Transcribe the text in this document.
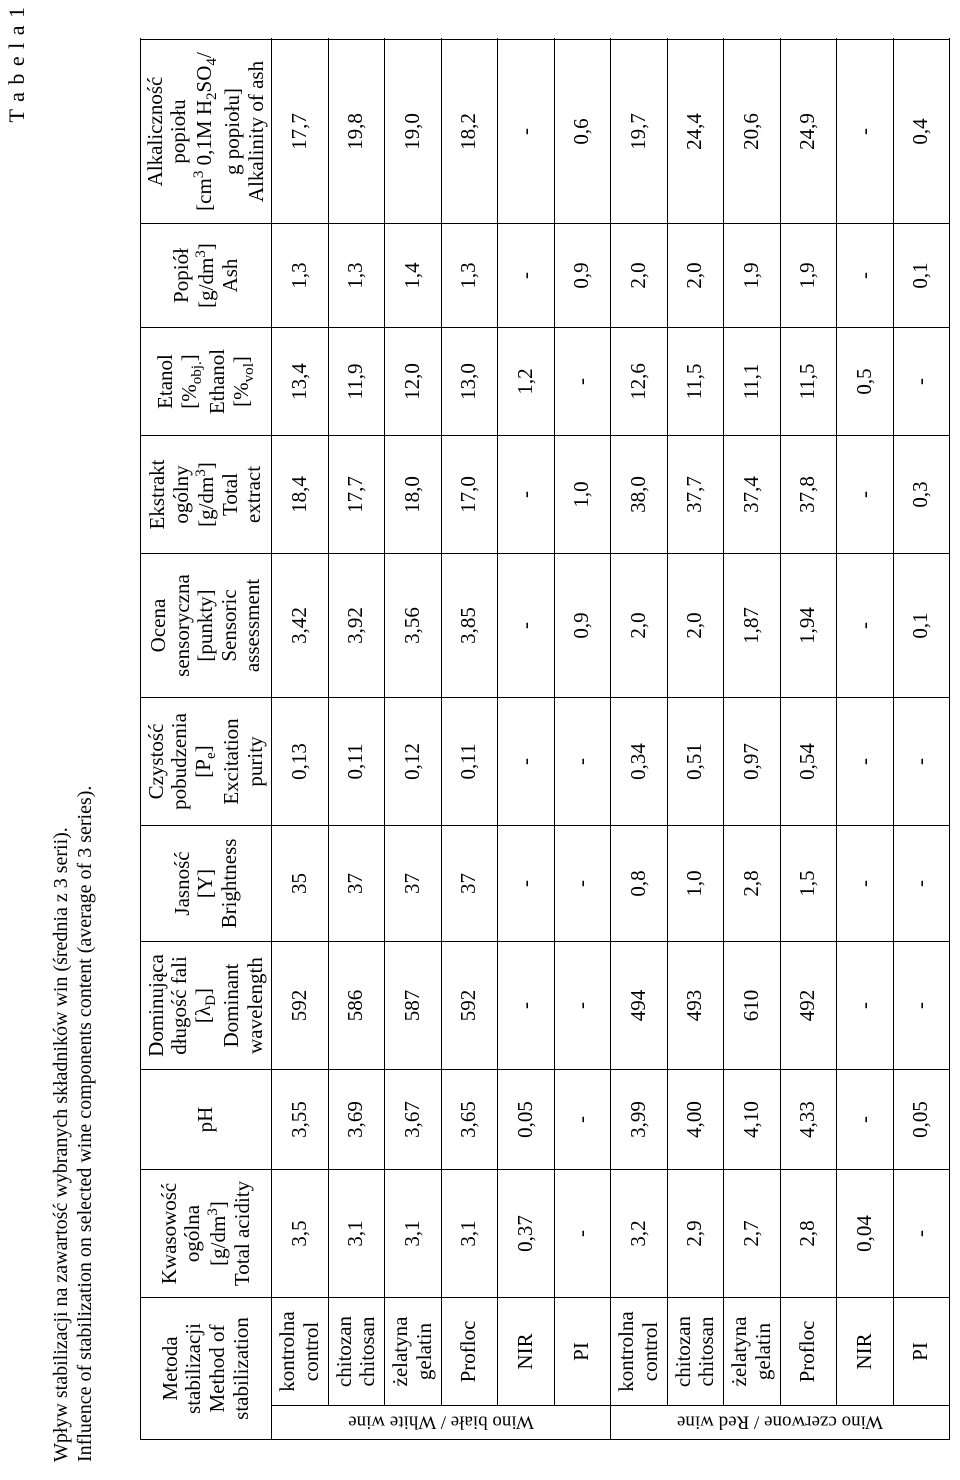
T a b e l a 1
Wpływ stabilizacji na zawartość wybranych składników win (średnia z 3 serii). Influence of stabilization on selected wine components content (average of 3 series).	Metoda
stabilizacji
Method of
stabilization		Kwasowość
ogólna
$[g/dm^3]$
Total acidity	pH	Dominująca
długość fali
$[\lambda_D]$ Dominant
wavelength	Jasność
[Y]
Brightness	Czystość
pobudzenia
$[P_e]$ Excitation
purity	Ocena
sensoryczna
[punkty]
Sensoric
assessment	Ekstrakt
ogólny
$[g/dm^3]$
Total
extract	Etanol
$[\%_{obj.}]$ Ethanol
$[\%_{vol}]$	Popiół
$[g/dm^3]$
Ash	Alkaliczność popiołu
[$cm^3$ 0,1M $H_2SO_4/$
g popiołu]
Alkalinity of ash

Wino białe / White wine	kontrolna
control	3,5	3,55	592	35	0,13	3,42	18,4	13,4	1,3	17,7
	chitozan
chitosan	3,1	3,69	586	37	0,11	3,92	17,7	11,9	1,3	19,8
	żelatyna
gelatin	3,1	3,67	587	37	0,12	3,56	18,0	12,0	1,4	19,0
	Profloc	3,1	3,65	592	37	0,11	3,85	17,0	13,0	1,3	18,2
	NIR	0,37	0,05	-	-	-	-	-	1,2	-	-
	PI	-	-	-	-	-	0,9	1,0	-	0,9	0,6

Wino czerwone / Red wine	kontrolna
control	3,2	3,99	494	0,8	0,34	2,0	38,0	12,6	2,0	19,7
	chitozan
chitosan	2,9	4,00	493	1,0	0,51	2,0	37,7	11,5	2,0	24,4
	żelatyna
gelatin	2,7	4,10	610	2,8	0,97	1,87	37,4	11,1	1,9	20,6
	Profloc	2,8	4,33	492	1,5	0,54	1,94	37,8	11,5	1,9	24,9
	NIR	0,04	-	-	-	-	-	-	0,5	-	-
	PI	-	0,05	-	-	-	0,1	0,3	-	0,1	0,4
